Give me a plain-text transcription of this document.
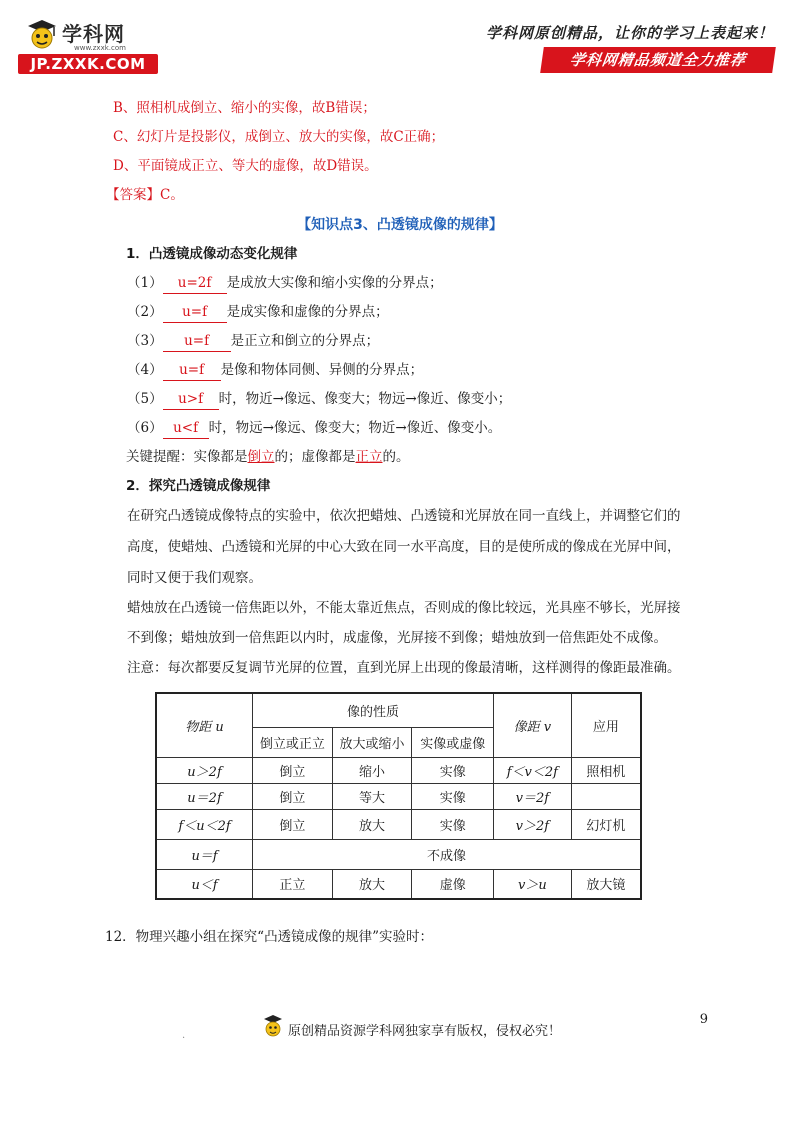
学科网
www.zxxk.com
JP.ZXXK.COM
学科网原创精品，让你的学习上表起来！
学科网精品频道全力推荐
B、照相机成倒立、缩小的实像，故B错误；
C、幻灯片是投影仪，成倒立、放大的实像，故C正确；
D、平面镜成正立、等大的虚像，故D错误。
【答案】C。
【知识点3、凸透镜成像的规律】
1．凸透镜成像动态变化规律
（1） u=2f 是成放大实像和缩小实像的分界点；
（2） u=f 是成实像和虚像的分界点；
（3） u=f 是正立和倒立的分界点；
（4） u=f 是像和物体同侧、异侧的分界点；
（5） u>f 时，物近→像远、像变大；物远→像近、像变小；
（6） u<f 时，物远→像远、像变大；物近→像近、像变小。
关键提醒：实像都是倒立的；虚像都是正立的。
2．探究凸透镜成像规律
在研究凸透镜成像特点的实验中，依次把蜡烛、凸透镜和光屏放在同一直线上，并调整它们的
高度，使蜡烛、凸透镜和光屏的中心大致在同一水平高度，目的是使所成的像成在光屏中间，
同时又便于我们观察。
蜡烛放在凸透镜一倍焦距以外，不能太靠近焦点，否则成的像比较远，光具座不够长，光屏接
不到像；蜡烛放到一倍焦距以内时，成虚像，光屏接不到像；蜡烛放到一倍焦距处不成像。
注意：每次都要反复调节光屏的位置，直到光屏上出现的像最清晰，这样测得的像距最准确。
物距 u	像的性质			像距 v	应用
	倒立或正立	放大或缩小	实像或虚像		
u＞2f	倒立	缩小	实像	f＜v＜2f	照相机
u＝2f	倒立	等大	实像	v＝2f	
f＜u＜2f	倒立	放大	实像	v＞2f	幻灯机
u＝f	不成像				
u＜f	正立	放大	虚像	v＞u	放大镜
12．物理兴趣小组在探究“凸透镜成像的规律”实验时：
9
.	原创精品资源学科网独家享有版权，侵权必究！
